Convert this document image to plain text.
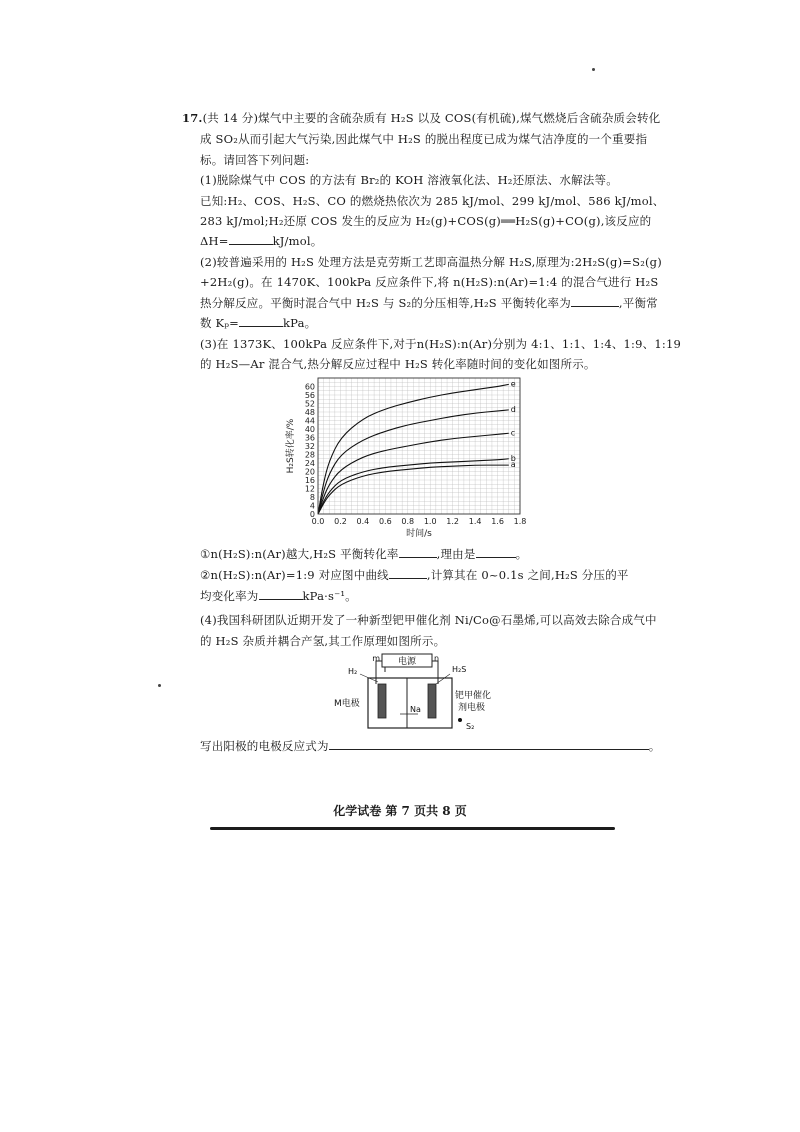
17.(共 14 分)煤气中主要的含硫杂质有 H₂S 以及 COS(有机硫),煤气燃烧后含硫杂质会转化
成 SO₂从而引起大气污染,因此煤气中 H₂S 的脱出程度已成为煤气洁净度的一个重要指
标。请回答下列问题:
(1)脱除煤气中 COS 的方法有 Br₂的 KOH 溶液氧化法、H₂还原法、水解法等。
已知:H₂、COS、H₂S、CO 的燃烧热依次为 285 kJ/mol、299 kJ/mol、586 kJ/mol、
283 kJ/mol;H₂还原 COS 发生的反应为 H₂(g)+COS(g)══H₂S(g)+CO(g),该反应的
ΔH=	kJ/mol。
(2)较普遍采用的 H₂S 处理方法是克劳斯工艺即高温热分解 H₂S,原理为:2H₂S(g)=S₂(g)
+2H₂(g)。在 1470K、100kPa 反应条件下,将 n(H₂S):n(Ar)=1:4 的混合气进行 H₂S
热分解反应。平衡时混合气中 H₂S 与 S₂的分压相等,H₂S 平衡转化率为	,平衡常
数 Kₚ=	kPa。
(3)在 1373K、100kPa 反应条件下,对于n(H₂S):n(Ar)分别为 4:1、1:1、1:4、1:9、1:19
的 H₂S—Ar 混合气,热分解反应过程中 H₂S 转化率随时间的变化如图所示。
0
4
8
12
16
20
24
28
32
36
40
44
48
52
56
60
0.0 0.2 0.4 0.6 0.8 1.0 1.2 1.4 1.6 1.8
a
b
c
d
e
H₂S转化率/%
时间/s
①n(H₂S):n(Ar)越大,H₂S 平衡转化率	,理由是	。
②n(H₂S):n(Ar)=1:9 对应图中曲线	,计算其在 0~0.1s 之间,H₂S 分压的平
均变化率为	kPa·s⁻¹。
(4)我国科研团队近期开发了一种新型钯甲催化剂 Ni/Co@石墨烯,可以高效去除合成气中
的 H₂S 杂质并耦合产氢,其工作原理如图所示。
电源
m	n
Na
H₂	H₂S
M电极
钯甲催化
剂电极
S₂
写出阳极的电极反应式为	。
化学试卷 第 7 页共 8 页
